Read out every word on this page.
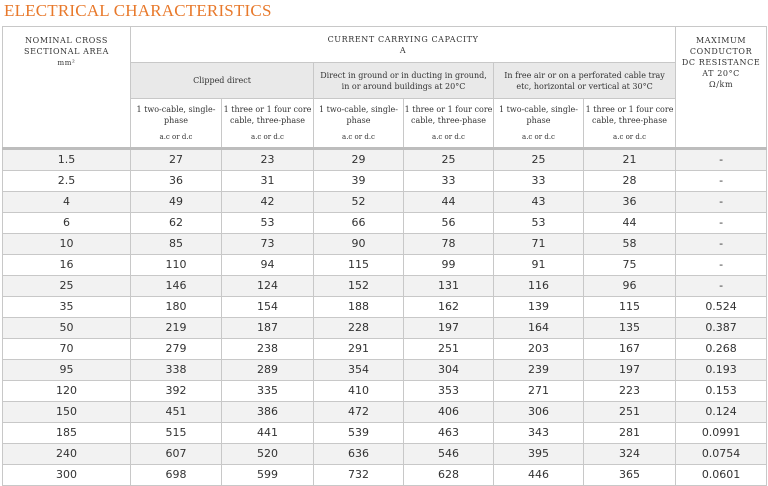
ELECTRICAL CHARACTERISTICS
NOMINAL CROSS
SECTIONAL AREA
mm²	CURRENT CARRYING CAPACITY
A						MAXIMUM
CONDUCTOR
DC RESISTANCE
AT 20°C
Ω/km
	Clipped direct		Direct in ground or in ducting in ground,
in or around buildings at 20°C		In free air or on a perforated cable tray
etc, horizontal or vertical at 30°C		
	1 two-cable, single-
phase
a.c or d.c	1 three or 1 four core
cable, three-phase
a.c or d.c	1 two-cable, single-
phase
a.c or d.c	1 three or 1 four core
cable, three-phase
a.c or d.c	1 two-cable, single-
phase
a.c or d.c	1 three or 1 four core
cable, three-phase
a.c or d.c	

1.5	27	23	29	25	25	21	-
2.5	36	31	39	33	33	28	-
4	49	42	52	44	43	36	-
6	62	53	66	56	53	44	-
10	85	73	90	78	71	58	-
16	110	94	115	99	91	75	-
25	146	124	152	131	116	96	-
35	180	154	188	162	139	115	0.524
50	219	187	228	197	164	135	0.387
70	279	238	291	251	203	167	0.268
95	338	289	354	304	239	197	0.193
120	392	335	410	353	271	223	0.153
150	451	386	472	406	306	251	0.124
185	515	441	539	463	343	281	0.0991
240	607	520	636	546	395	324	0.0754
300	698	599	732	628	446	365	0.0601
